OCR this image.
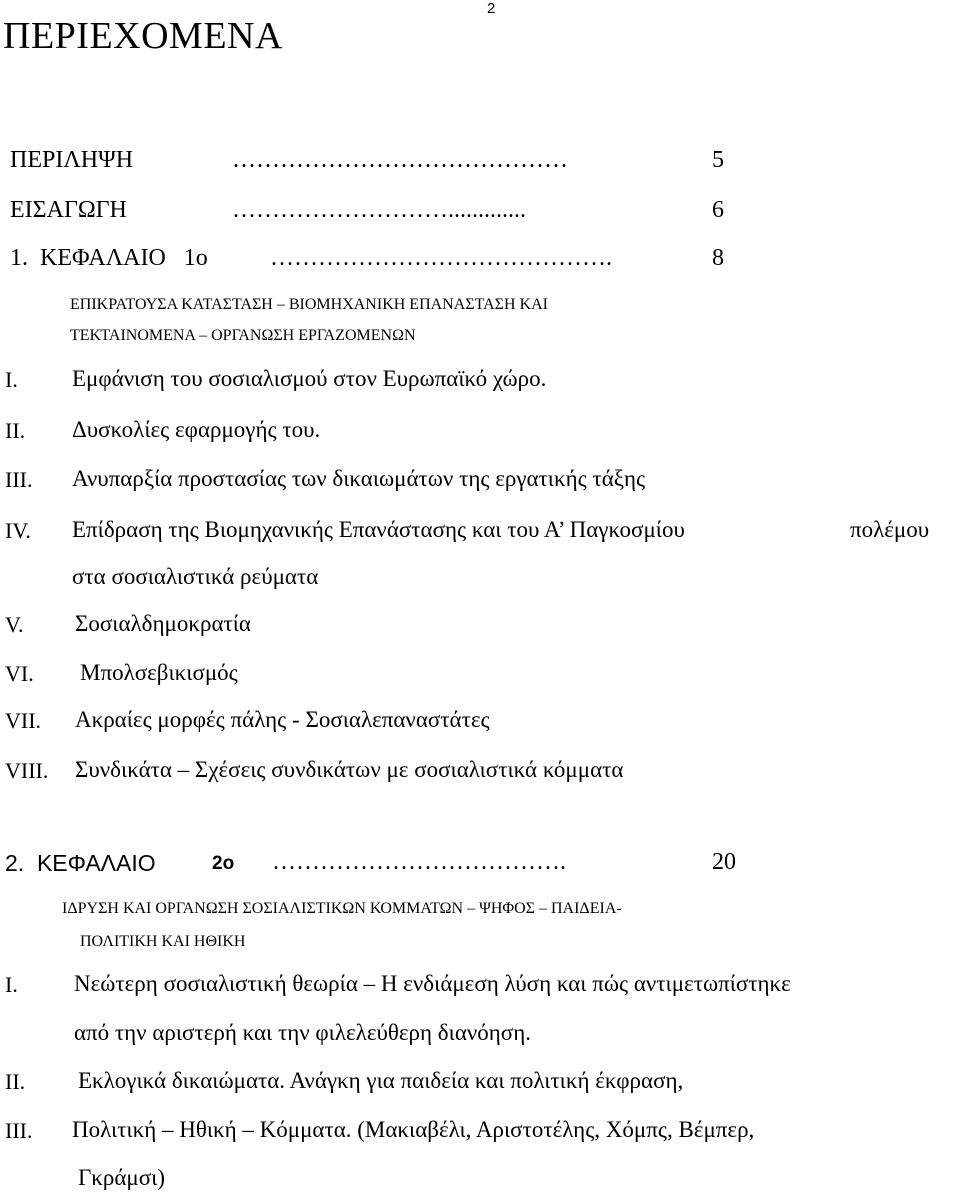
2
ΠΕΡΙΕΧΟΜΕΝΑ
ΠΕΡΙΛΗΨΗ	……………………………………	5
ΕΙΣΑΓΩΓΗ	……………………….............	6
1.  ΚΕΦΑΛΑΙΟ   1ο	…………………………………….	8
ΕΠΙΚΡΑΤΟΥΣΑ ΚΑΤΑΣΤΑΣΗ – ΒΙΟΜΗΧΑΝΙΚΗ ΕΠΑΝΑΣΤΑΣΗ ΚΑΙ
ΤΕΚΤΑΙΝΟΜΕΝΑ – ΟΡΓΑΝΩΣΗ ΕΡΓΑΖΟΜΕΝΩΝ
I. Εμφάνιση του σοσιαλισμού στον Ευρωπαϊκό χώρο.
II. Δυσκολίες εφαρμογής του.
III. Ανυπαρξία προστασίας των δικαιωμάτων της εργατικής τάξης
IV. Επίδραση της Βιομηχανικής Επανάστασης και του Α’ Παγκοσμίου	πολέμου
στα σοσιαλιστικά ρεύματα
V. Σοσιαλδημοκρατία
VI. Μπολσεβικισμός
VII. Ακραίες μορφές πάλης - Σοσιαλεπαναστάτες
VIII. Συνδικάτα – Σχέσεις συνδικάτων με σοσιαλιστικά κόμματα
2.  ΚΕΦΑΛΑΙΟ	2ο ……………………………….	20
ΙΔΡΥΣΗ ΚΑΙ ΟΡΓΑΝΩΣΗ ΣΟΣΙΑΛΙΣΤΙΚΩΝ ΚΟΜΜΑΤΩΝ – ΨΗΦΟΣ – ΠΑΙΔΕΙΑ-
ΠΟΛΙΤΙΚΗ ΚΑΙ ΗΘΙΚΗ
I. Νεώτερη σοσιαλιστική θεωρία – Η ενδιάμεση λύση και πώς αντιμετωπίστηκε
από την αριστερή και την φιλελεύθερη διανόηση.
II. Εκλογικά δικαιώματα. Ανάγκη για παιδεία και πολιτική έκφραση,
III. Πολιτική – Ηθική – Κόμματα. (Μακιαβέλι, Αριστοτέλης, Χόμπς, Βέμπερ,
Γκράμσι)
